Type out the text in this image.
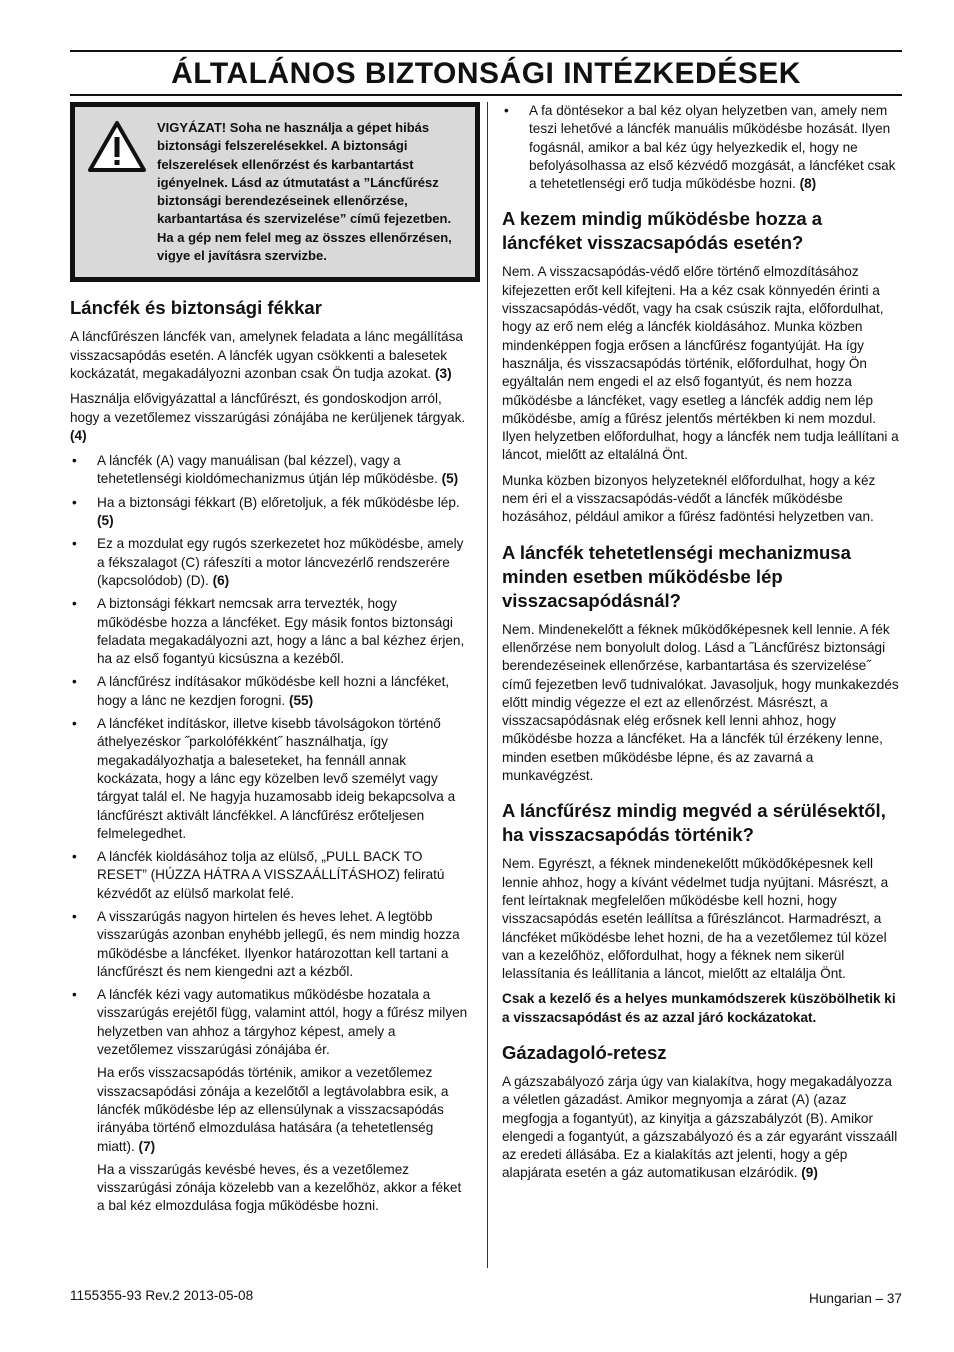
ÁLTALÁNOS BIZTONSÁGI INTÉZKEDÉSEK
VIGYÁZAT! Soha ne használja a gépet hibás biztonsági felszerelésekkel. A biztonsági felszerelések ellenőrzést és karbantartást igényelnek. Lásd az útmutatást a ”Láncfűrész biztonsági berendezéseinek ellenőrzése, karbantartása és szervizelése” című fejezetben. Ha a gép nem felel meg az összes ellenőrzésen, vigye el javításra szervizbe.
Láncfék és biztonsági fékkar

A láncfűrészen láncfék van, amelynek feladata a lánc megállítása visszacsapódás esetén. A láncfék ugyan csökkenti a balesetek kockázatát, megakadályozni azonban csak Ön tudja azokat. (3)

Használja elővigyázattal a láncfűrészt, és gondoskodjon arról, hogy a vezetőlemez visszarúgási zónájába ne kerüljenek tárgyak. (4)

• A láncfék (A) vagy manuálisan (bal kézzel), vagy a tehetetlenségi kioldómechanizmus útján lép működésbe. (5)
• Ha a biztonsági fékkart (B) előretoljuk, a fék működésbe lép. (5)
• Ez a mozdulat egy rugós szerkezetet hoz működésbe, amely a fékszalagot (C) ráfeszíti a motor láncvezérlő rendszerére (kapcsolódob) (D). (6)
• A biztonsági fékkart nemcsak arra tervezték, hogy működésbe hozza a láncféket. Egy másik fontos biztonsági feladata megakadályozni azt, hogy a lánc a bal kézhez érjen, ha az első fogantyú kicsúszna a kezéből.
• A láncfűrész indításakor működésbe kell hozni a láncféket, hogy a lánc ne kezdjen forogni. (55)
• A láncféket indításkor, illetve kisebb távolságokon történő áthelyezéskor ˝parkolófékként˝ használhatja, így megakadályozhatja a baleseteket, ha fennáll annak kockázata, hogy a lánc egy közelben levő személyt vagy tárgyat talál el. Ne hagyja huzamosabb ideig bekapcsolva a láncfűrészt aktivált láncfékkel. A láncfűrész erőteljesen felmelegedhet.
• A láncfék kioldásához tolja az elülső, „PULL BACK TO RESET” (HÚZZA HÁTRA A VISSZAÁLLÍTÁSHOZ) feliratú kézvédőt az elülső markolat felé.
• A visszarúgás nagyon hirtelen és heves lehet. A legtöbb visszarúgás azonban enyhébb jellegű, és nem mindig hozza működésbe a láncféket. Ilyenkor határozottan kell tartani a láncfűrészt és nem kiengedni azt a kézből.
• A láncfék kézi vagy automatikus működésbe hozatala a visszarúgás erejétől függ, valamint attól, hogy a fűrész milyen helyzetben van ahhoz a tárgyhoz képest, amely a vezetőlemez visszarúgási zónájába ér.

Ha erős visszacsapódás történik, amikor a vezetőlemez visszacsapódási zónája a kezelőtől a legtávolabbra esik, a láncfék működésbe lép az ellensúlynak a visszacsapódás irányába történő elmozdulása hatására (a tehetetlenség miatt). (7)

Ha a visszarúgás kevésbé heves, és a vezetőlemez visszarúgási zónája közelebb van a kezelőhöz, akkor a féket a bal kéz elmozdulása fogja működésbe hozni.

• A fa döntésekor a bal kéz olyan helyzetben van, amely nem teszi lehetővé a láncfék manuális működésbe hozását. Ilyen fogásnál, amikor a bal kéz úgy helyezkedik el, hogy ne befolyásolhassa az első kézvédő mozgását, a láncféket csak a tehetetlenségi erő tudja működésbe hozni. (8)
A kezem mindig működésbe hozza a láncféket visszacsapódás esetén?

Nem. A visszacsapódás-védő előre történő elmozdításához kifejezetten erőt kell kifejteni. Ha a kéz csak könnyedén érinti a visszacsapódás-védőt, vagy ha csak csúszik rajta, előfordulhat, hogy az erő nem elég a láncfék kioldásához. Munka közben mindenképpen fogja erősen a láncfűrész fogantyúját. Ha így használja, és visszacsapódás történik, előfordulhat, hogy Ön egyáltalán nem engedi el az első fogantyút, és nem hozza működésbe a láncféket, vagy esetleg a láncfék addig nem lép működésbe, amíg a fűrész jelentős mértékben ki nem mozdul. Ilyen helyzetben előfordulhat, hogy a láncfék nem tudja leállítani a láncot, mielőtt az eltalálná Önt.

Munka közben bizonyos helyzeteknél előfordulhat, hogy a kéz nem éri el a visszacsapódás-védőt a láncfék működésbe hozásához, például amikor a fűrész fadöntési helyzetben van.

A láncfék tehetetlenségi mechanizmusa minden esetben működésbe lép visszacsapódásnál?

Nem. Mindenekelőtt a féknek működőképesnek kell lennie. A fék ellenőrzése nem bonyolult dolog. Lásd a ˝Láncfűrész biztonsági berendezéseinek ellenőrzése, karbantartása és szervizelése˝ című fejezetben levő tudnivalókat. Javasoljuk, hogy munkakezdés előtt mindig végezze el ezt az ellenőrzést. Másrészt, a visszacsapódásnak elég erősnek kell lenni ahhoz, hogy működésbe hozza a láncféket. Ha a láncfék túl érzékeny lenne, minden esetben működésbe lépne, és az zavarná a munkavégzést.

A láncfűrész mindig megvéd a sérülésektől, ha visszacsapódás történik?

Nem. Egyrészt, a féknek mindenekelőtt működőképesnek kell lennie ahhoz, hogy a kívánt védelmet tudja nyújtani. Másrészt, a fent leírtaknak megfelelően működésbe kell hozni, hogy visszacsapódás esetén leállítsa a fűrészláncot. Harmadrészt, a láncféket működésbe lehet hozni, de ha a vezetőlemez túl közel van a kezelőhöz, előfordulhat, hogy a féknek nem sikerül lelassítania és leállítania a láncot, mielőtt az eltalálja Önt.

Csak a kezelő és a helyes munkamódszerek küszöbölhetik ki a visszacsapódást és az azzal járó kockázatokat.

Gázadagoló-retesz

A gázszabályozó zárja úgy van kialakítva, hogy megakadályozza a véletlen gázadást. Amikor megnyomja a zárat (A) (azaz megfogja a fogantyút), az kinyitja a gázszabályzót (B). Amikor elengedi a fogantyút, a gázszabályozó és a zár egyaránt visszaáll az eredeti állásába. Ez a kialakítás azt jelenti, hogy a gép alapjárata esetén a gáz automatikusan elzáródik. (9)

1155355-93 Rev.2 2013-05-08	Hungarian – 37
